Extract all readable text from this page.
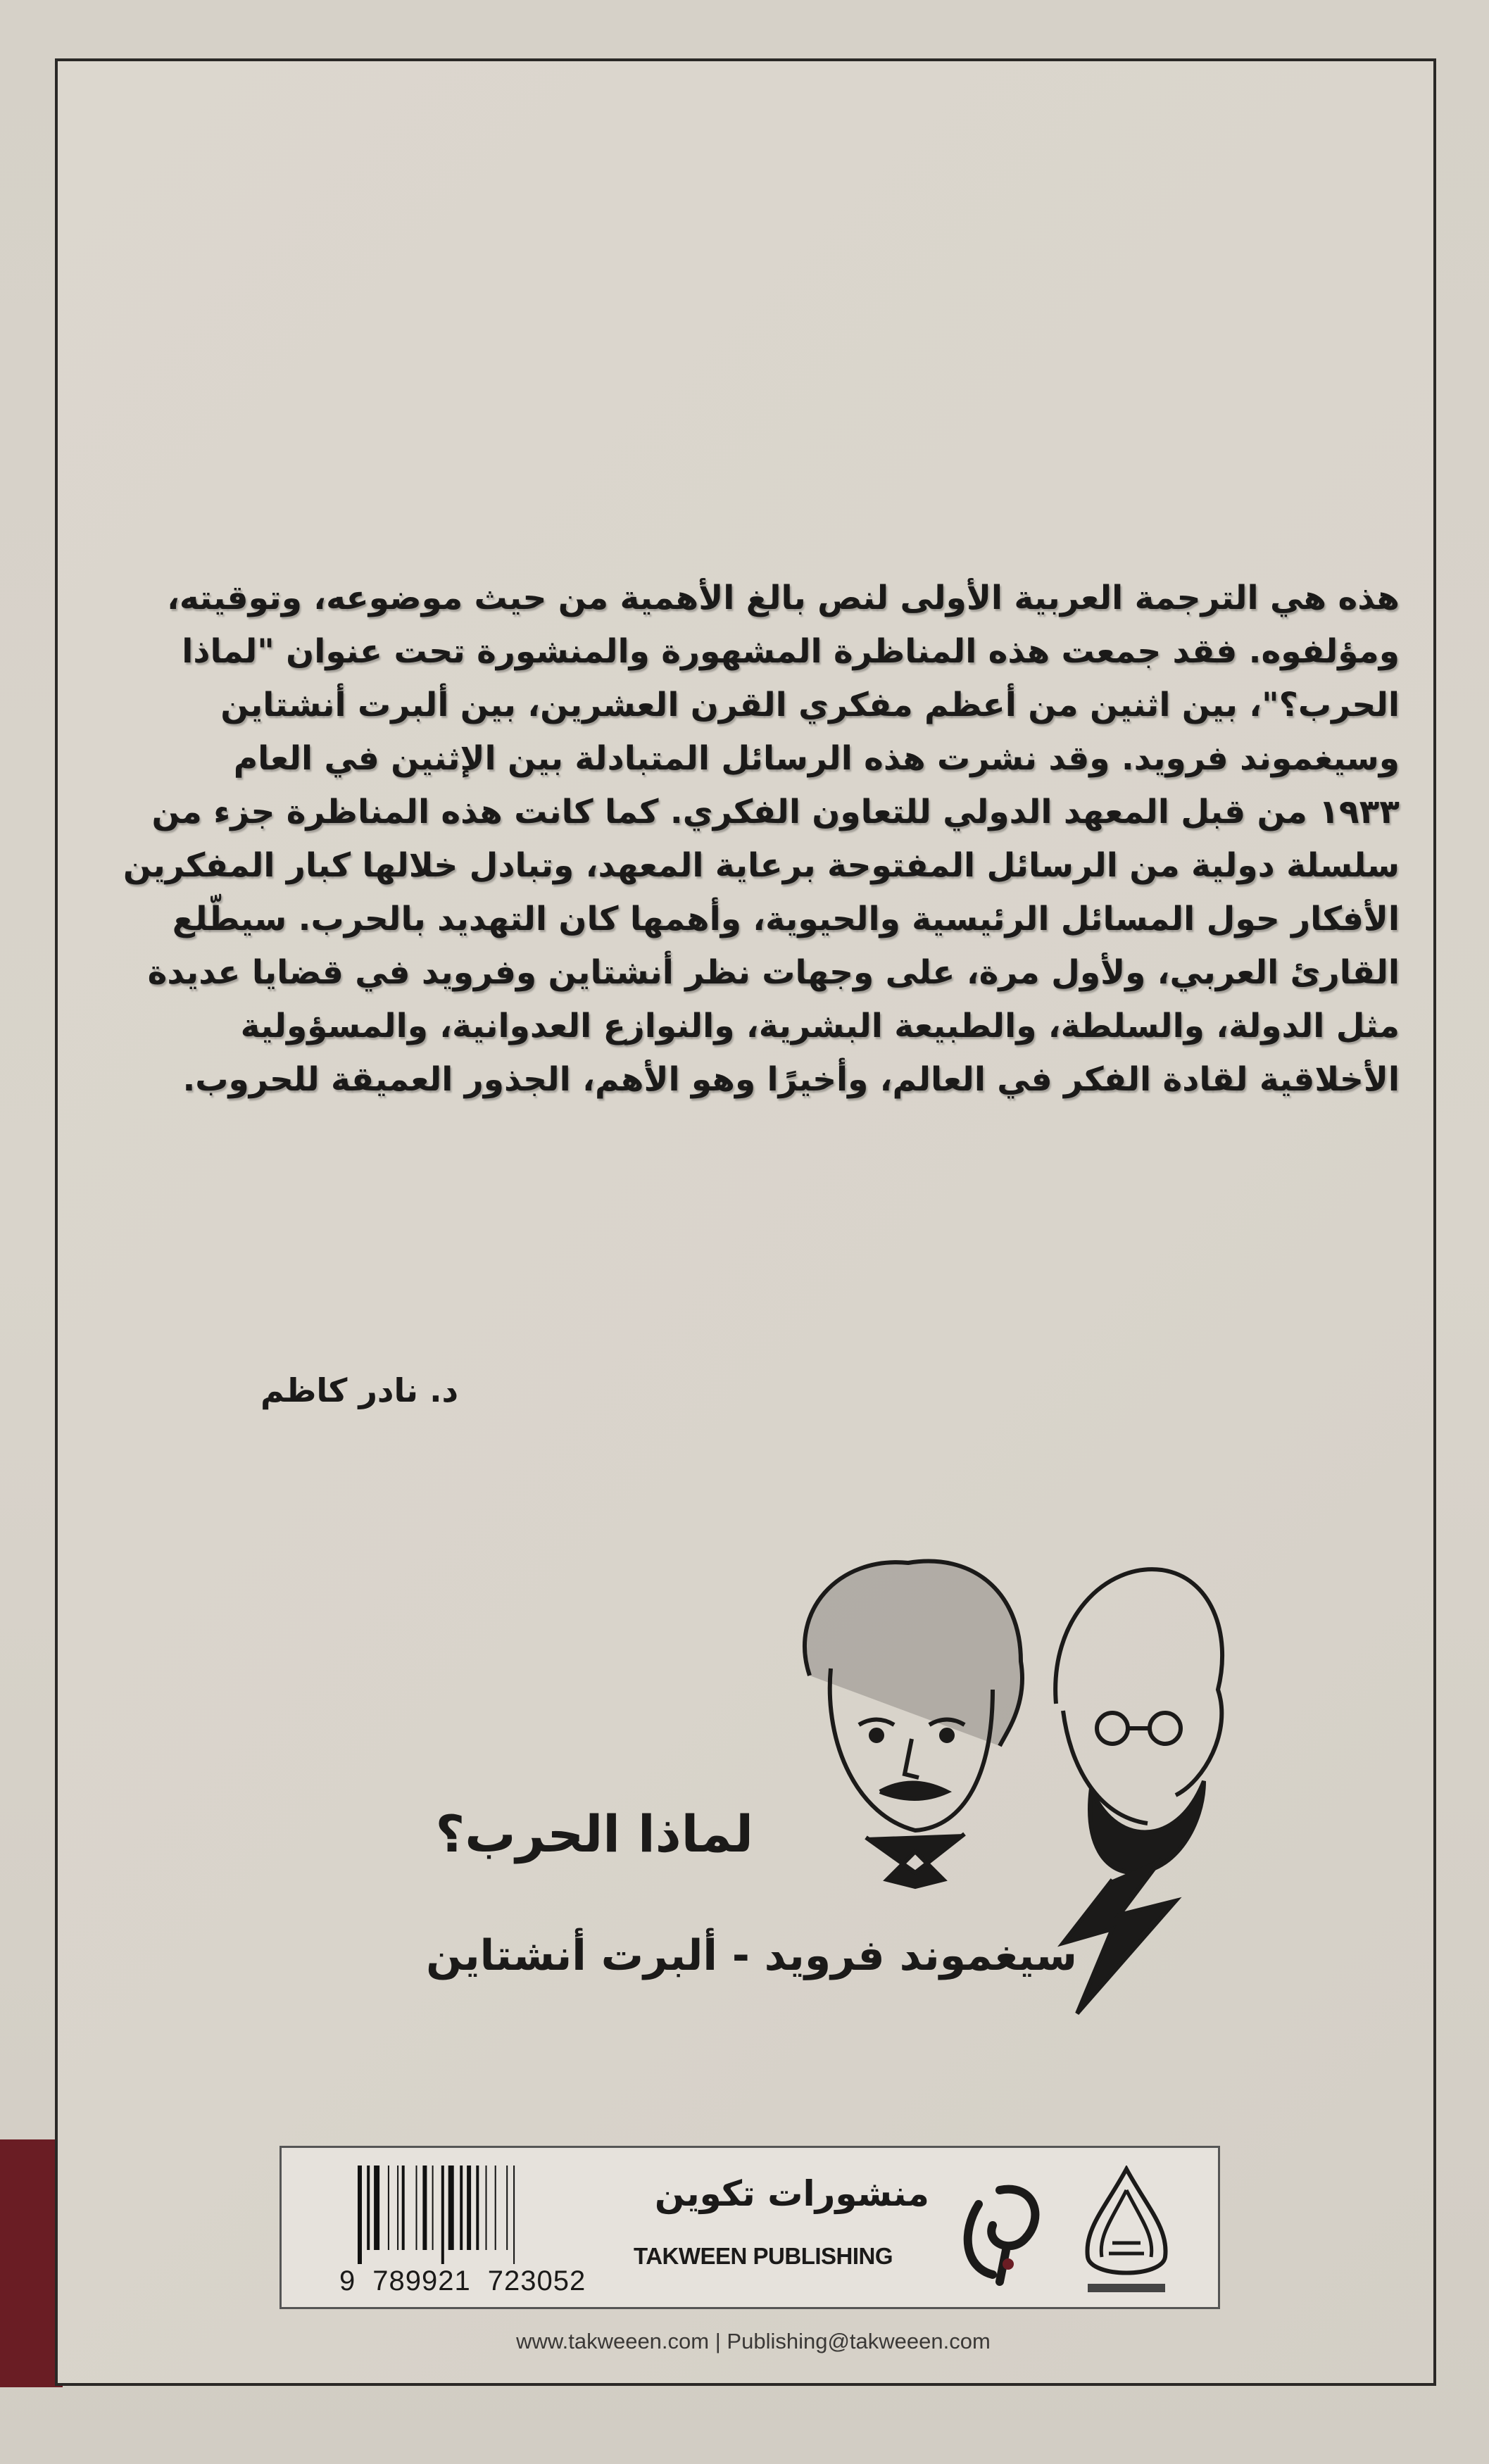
هذه هي الترجمة العربية الأولى لنص بالغ الأهمية من حيث موضوعه، وتوقيته،
ومؤلفوه. فقد جمعت هذه المناظرة المشهورة والمنشورة تحت عنوان "لماذا
الحرب؟"، بين اثنين من أعظم مفكري القرن العشرين، بين ألبرت أنشتاين
وسيغموند فرويد. وقد نشرت هذه الرسائل المتبادلة بين الإثنين في العام
١٩٣٣ من قبل المعهد الدولي للتعاون الفكري. كما كانت هذه المناظرة جزء من
سلسلة دولية من الرسائل المفتوحة برعاية المعهد، وتبادل خلالها كبار المفكرين
الأفكار حول المسائل الرئيسية والحيوية، وأهمها كان التهديد بالحرب. سيطّلع
القارئ العربي، ولأول مرة، على وجهات نظر أنشتاين وفرويد في قضايا عديدة
مثل الدولة، والسلطة، والطبيعة البشرية، والنوازع العدوانية، والمسؤولية
الأخلاقية لقادة الفكر في العالم، وأخيرًا وهو الأهم، الجذور العميقة للحروب.
د. نادر كاظم
لماذا الحرب؟
سيغموند فرويد - ألبرت أنشتاين
9 789921 723052
منشورات تكوين
TAKWEEN PUBLISHING
www.takweeen.com | Publishing@takweeen.com
